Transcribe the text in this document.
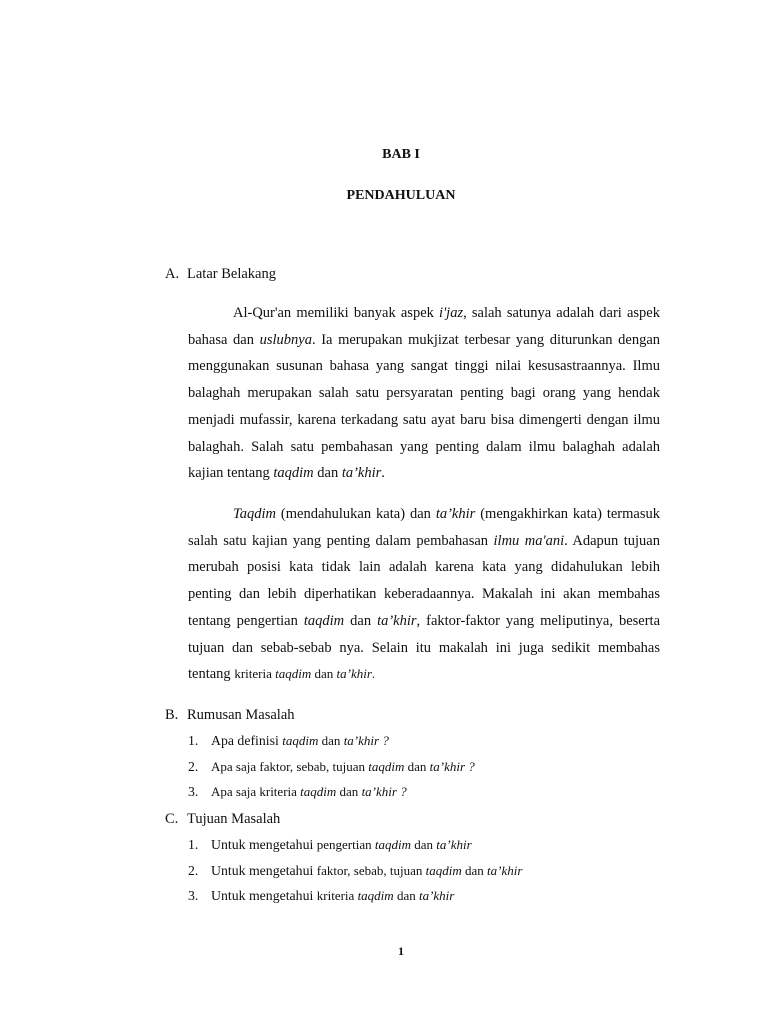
BAB I
PENDAHULUAN
A. Latar Belakang

Al-Qur'an memiliki banyak aspek i'jaz, salah satunya adalah dari aspek bahasa dan uslubnya. Ia merupakan mukjizat terbesar yang diturunkan dengan menggunakan susunan bahasa yang sangat tinggi nilai kesusastraannya. Ilmu balaghah merupakan salah satu persyaratan penting bagi orang yang hendak menjadi mufassir, karena terkadang satu ayat baru bisa dimengerti dengan ilmu balaghah. Salah satu pembahasan yang penting dalam ilmu balaghah adalah kajian tentang taqdim dan ta’khir.

Taqdim (mendahulukan kata) dan ta’khir (mengakhirkan kata) termasuk salah satu kajian yang penting dalam pembahasan ilmu ma'ani. Adapun tujuan merubah posisi kata tidak lain adalah karena kata yang didahulukan lebih penting dan lebih diperhatikan keberadaannya. Makalah ini akan membahas tentang pengertian taqdim dan ta’khir, faktor-faktor yang meliputinya, beserta tujuan dan sebab-sebab nya. Selain itu makalah ini juga sedikit membahas tentang kriteria taqdim dan ta’khir.

B. Rumusan Masalah
1. Apa definisi taqdim dan ta’khir ?
2. Apa saja faktor, sebab, tujuan taqdim dan ta’khir ?
3. Apa saja kriteria taqdim dan ta’khir ?
C. Tujuan Masalah
1. Untuk mengetahui pengertian taqdim dan ta’khir
2. Untuk mengetahui faktor, sebab, tujuan taqdim dan ta’khir
3. Untuk mengetahui kriteria taqdim dan ta’khir
1
